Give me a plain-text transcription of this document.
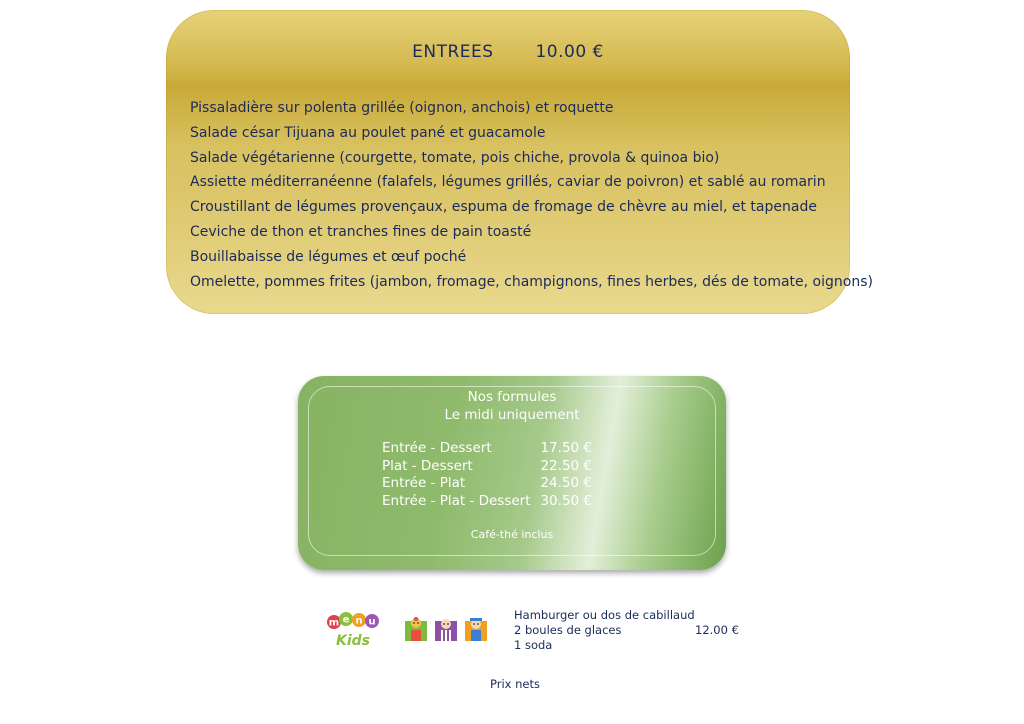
ENTREES 10.00 €
Pissaladière sur polenta grillée (oignon, anchois) et roquette
Salade césar Tijuana au poulet pané et guacamole
Salade végétarienne (courgette, tomate, pois chiche, provola & quinoa bio)
Assiette méditerranéenne (falafels, légumes grillés, caviar de poivron) et sablé au romarin
Croustillant de légumes provençaux, espuma de fromage de chèvre au miel, et tapenade
Ceviche de thon et tranches fines de pain toasté
Bouillabaisse de légumes et œuf poché
Omelette, pommes frites (jambon, fromage, champignons, fines herbes, dés de tomate, oignons)
Nos formules
Le midi uniquement
Entrée - Dessert	17.50 €
Plat - Dessert	22.50 €
Entrée - Plat	24.50 €
Entrée - Plat - Dessert 30.50 €
Café-thé inclus
m e n u
Kids
Hamburger ou dos de cabillaud
2 boules de glaces
1 soda
12.00 €
Prix nets
